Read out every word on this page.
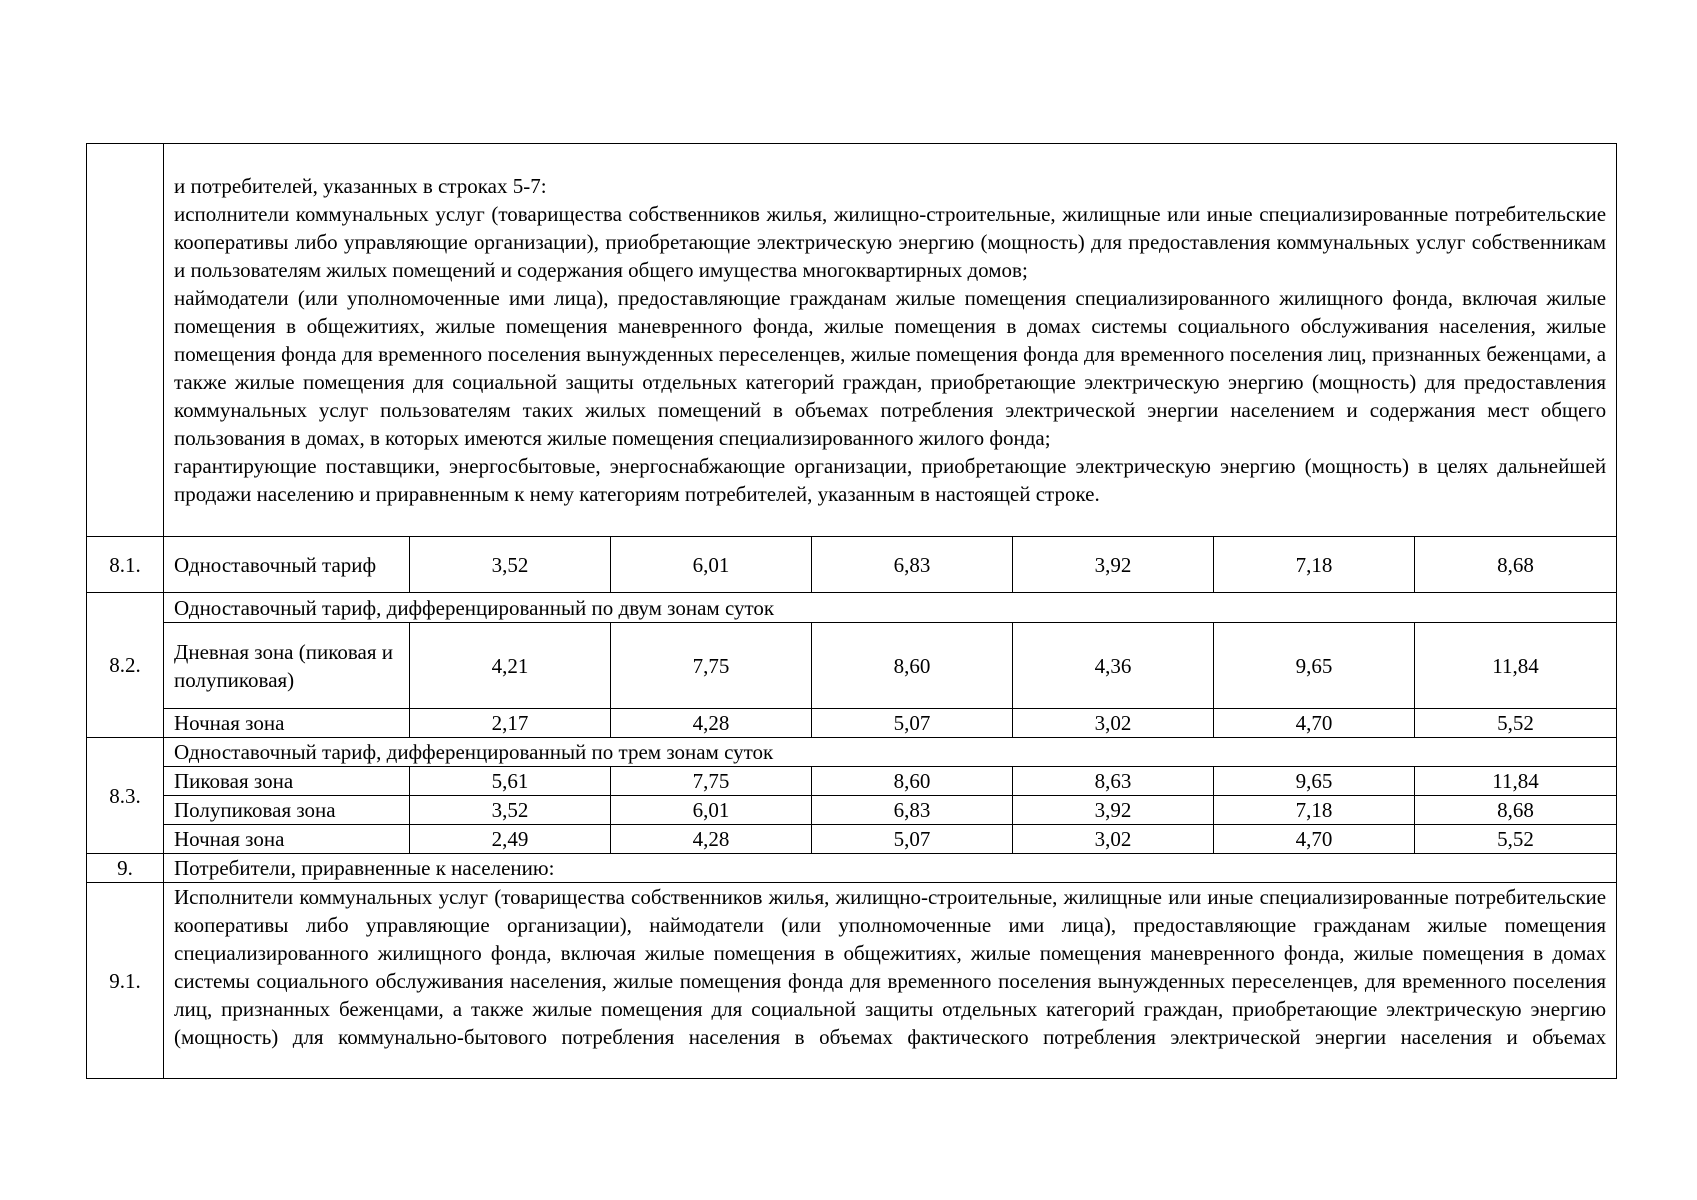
	и потребителей, указанных в строках 5-7:

исполнители коммунальных услуг (товарищества собственников жилья, жилищно-строительные, жилищные или иные специализированные потребительские кооперативы либо управляющие организации), приобретающие электрическую энергию (мощность) для предоставления коммунальных услуг собственникам и пользователям жилых помещений и содержания общего имущества многоквартирных домов;

наймодатели (или уполномоченные ими лица), предоставляющие гражданам жилые помещения специализированного жилищного фонда, включая жилые помещения в общежитиях, жилые помещения маневренного фонда, жилые помещения в домах системы социального обслуживания населения, жилые помещения фонда для временного поселения вынужденных переселенцев, жилые помещения фонда для временного поселения лиц, признанных беженцами, а также жилые помещения для социальной защиты отдельных категорий граждан, приобретающие электрическую энергию (мощность) для предоставления коммунальных услуг пользователям таких жилых помещений в объемах потребления электрической энергии населением и содержания мест общего пользования в домах, в которых имеются жилые помещения специализированного жилого фонда;

гарантирующие поставщики, энергосбытовые, энергоснабжающие организации, приобретающие электрическую энергию (мощность) в целях дальнейшей продажи населению и приравненным к нему категориям потребителей, указанным в настоящей строке.						

8.1.	Одноставочный тариф	3,52	6,01	6,83	3,92	7,18	8,68
8.2.	Одноставочный тариф, дифференцированный по двум зонам суток						
	Дневная зона (пиковая и полупиковая)	4,21	7,75	8,60	4,36	9,65	11,84
	Ночная зона	2,17	4,28	5,07	3,02	4,70	5,52
8.3.	Одноставочный тариф, дифференцированный по трем зонам суток						
	Пиковая зона	5,61	7,75	8,60	8,63	9,65	11,84
	Полупиковая зона	3,52	6,01	6,83	3,92	7,18	8,68
	Ночная зона	2,49	4,28	5,07	3,02	4,70	5,52
9.	Потребители, приравненные к населению:						
9.1.	Исполнители коммунальных услуг (товарищества собственников жилья, жилищно-строительные, жилищные или иные специализированные потребительские кооперативы либо управляющие организации), наймодатели (или уполномоченные ими лица), предоставляющие гражданам жилые помещения специализированного жилищного фонда, включая жилые помещения в общежитиях, жилые помещения маневренного фонда, жилые помещения в домах системы социального обслуживания населения, жилые помещения фонда для временного поселения вынужденных переселенцев, для временного поселения лиц, признанных беженцами, а также жилые помещения для социальной защиты отдельных категорий граждан, приобретающие электрическую энергию (мощность) для коммунально-бытового потребления населения в объемах фактического потребления электрической энергии населения и объемах						
